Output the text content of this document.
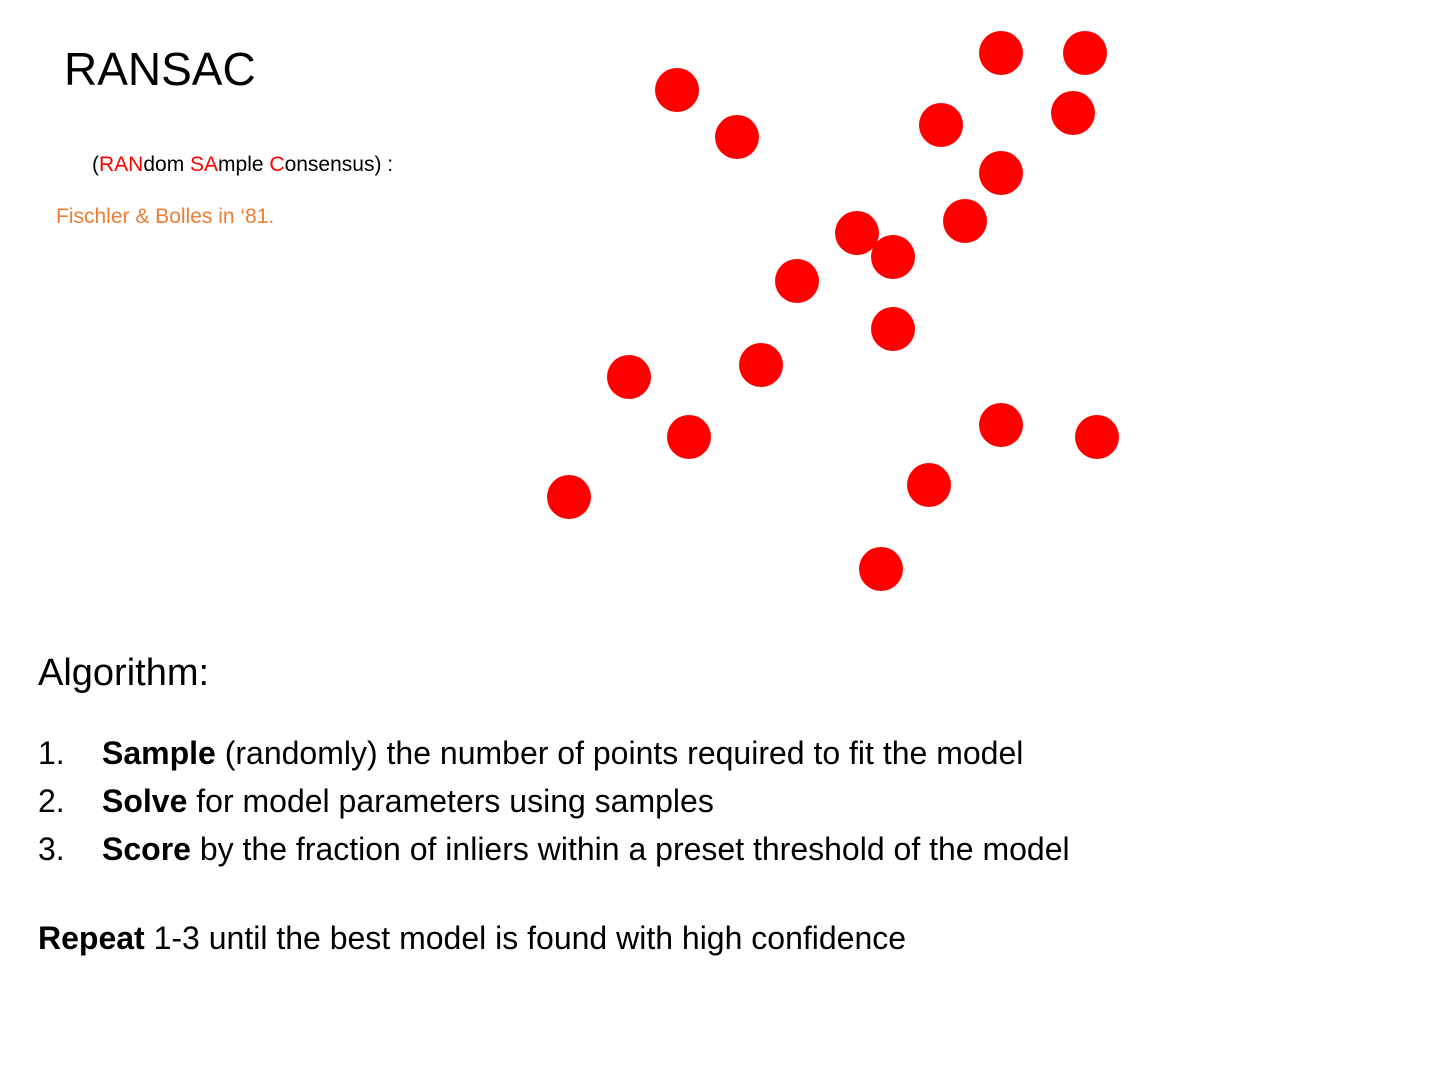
RANSAC
(RANdom SAmple Consensus) :
Fischler & Bolles in ‘81.
Algorithm:
1.	Sample (randomly) the number of points required to fit the model
2.	Solve for model parameters using samples
3.	Score by the fraction of inliers within a preset threshold of the model
Repeat 1-3 until the best model is found with high confidence
